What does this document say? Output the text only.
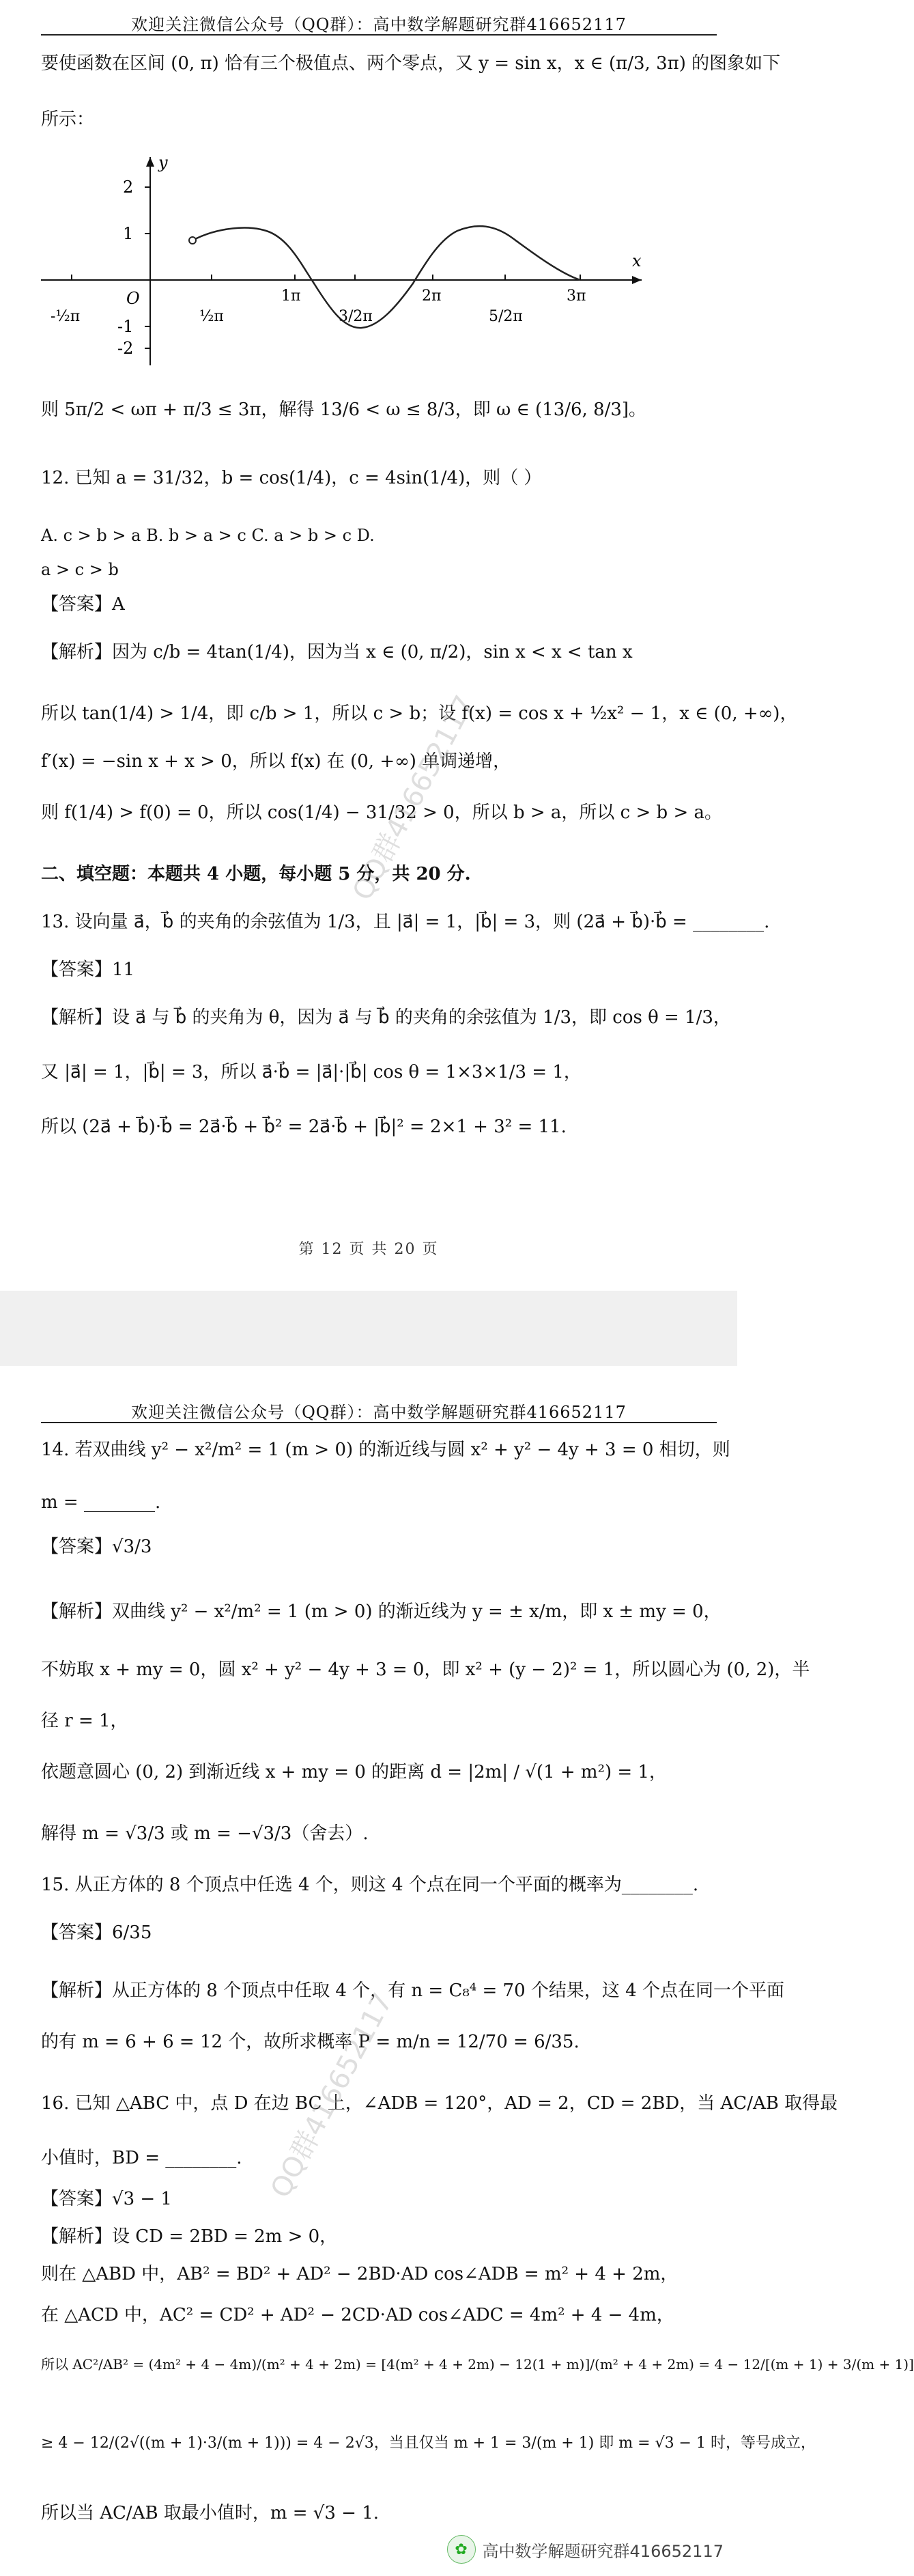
欢迎关注微信公众号（QQ群）：高中数学解题研究群416652117
要使函数在区间 (0, π) 恰有三个极值点、两个零点，又 y = sin x，x ∈ (π/3, 3π) 的图象如下
所示：
y
x
O
2
1
-1
-2
-½π	½π
1π
3/2π
2π
5/2π
3π
则 5π/2 < ωπ + π/3 ≤ 3π，解得 13/6 < ω ≤ 8/3，即 ω ∈ (13/6, 8/3]。
12. 已知 a = 31/32，b = cos(1/4)，c = 4sin(1/4)，则（ ）
A. c > b > a B. b > a > c C. a > b > c D.
a > c > b
【答案】A
【解析】因为 c/b = 4tan(1/4)，因为当 x ∈ (0, π/2)，sin x < x < tan x
所以 tan(1/4) > 1/4，即 c/b > 1，所以 c > b；设 f(x) = cos x + ½x² − 1，x ∈ (0, +∞)，
f′(x) = −sin x + x > 0，所以 f(x) 在 (0, +∞) 单调递增，
则 f(1/4) > f(0) = 0，所以 cos(1/4) − 31/32 > 0，所以 b > a，所以 c > b > a。
二、填空题：本题共 4 小题，每小题 5 分，共 20 分.
13. 设向量 a⃗，b⃗ 的夹角的余弦值为 1/3，且 |a⃗| = 1，|b⃗| = 3，则 (2a⃗ + b⃗)·b⃗ = ________.
【答案】11
【解析】设 a⃗ 与 b⃗ 的夹角为 θ，因为 a⃗ 与 b⃗ 的夹角的余弦值为 1/3，即 cos θ = 1/3，
又 |a⃗| = 1，|b⃗| = 3，所以 a⃗·b⃗ = |a⃗|·|b⃗| cos θ = 1×3×1/3 = 1，
所以 (2a⃗ + b⃗)·b⃗ = 2a⃗·b⃗ + b⃗² = 2a⃗·b⃗ + |b⃗|² = 2×1 + 3² = 11.
第 12 页 共 20 页
QQ群416652117
欢迎关注微信公众号（QQ群）：高中数学解题研究群416652117
14. 若双曲线 y² − x²/m² = 1 (m > 0) 的渐近线与圆 x² + y² − 4y + 3 = 0 相切，则
m = ________.
【答案】√3/3
【解析】双曲线 y² − x²/m² = 1 (m > 0) 的渐近线为 y = ± x/m，即 x ± my = 0，
不妨取 x + my = 0，圆 x² + y² − 4y + 3 = 0，即 x² + (y − 2)² = 1，所以圆心为 (0, 2)，半
径 r = 1，
依题意圆心 (0, 2) 到渐近线 x + my = 0 的距离 d = |2m| / √(1 + m²) = 1，
解得 m = √3/3 或 m = −√3/3（舍去）.
15. 从正方体的 8 个顶点中任选 4 个，则这 4 个点在同一个平面的概率为________.
【答案】6/35
【解析】从正方体的 8 个顶点中任取 4 个，有 n = C₈⁴ = 70 个结果，这 4 个点在同一个平面
的有 m = 6 + 6 = 12 个，故所求概率 P = m/n = 12/70 = 6/35.
16. 已知 △ABC 中，点 D 在边 BC 上，∠ADB = 120°，AD = 2，CD = 2BD，当 AC/AB 取得最
小值时，BD = ________.
【答案】√3 − 1
【解析】设 CD = 2BD = 2m > 0，
则在 △ABD 中，AB² = BD² + AD² − 2BD·AD cos∠ADB = m² + 4 + 2m，
在 △ACD 中，AC² = CD² + AD² − 2CD·AD cos∠ADC = 4m² + 4 − 4m，
所以 AC²/AB² = (4m² + 4 − 4m)/(m² + 4 + 2m) = [4(m² + 4 + 2m) − 12(1 + m)]/(m² + 4 + 2m) = 4 − 12/[(m + 1) + 3/(m + 1)]
≥ 4 − 12/(2√((m + 1)·3/(m + 1))) = 4 − 2√3，当且仅当 m + 1 = 3/(m + 1) 即 m = √3 − 1 时，等号成立，
所以当 AC/AB 取最小值时，m = √3 − 1.
QQ群416652117
✿ 高中数学解题研究群416652117
